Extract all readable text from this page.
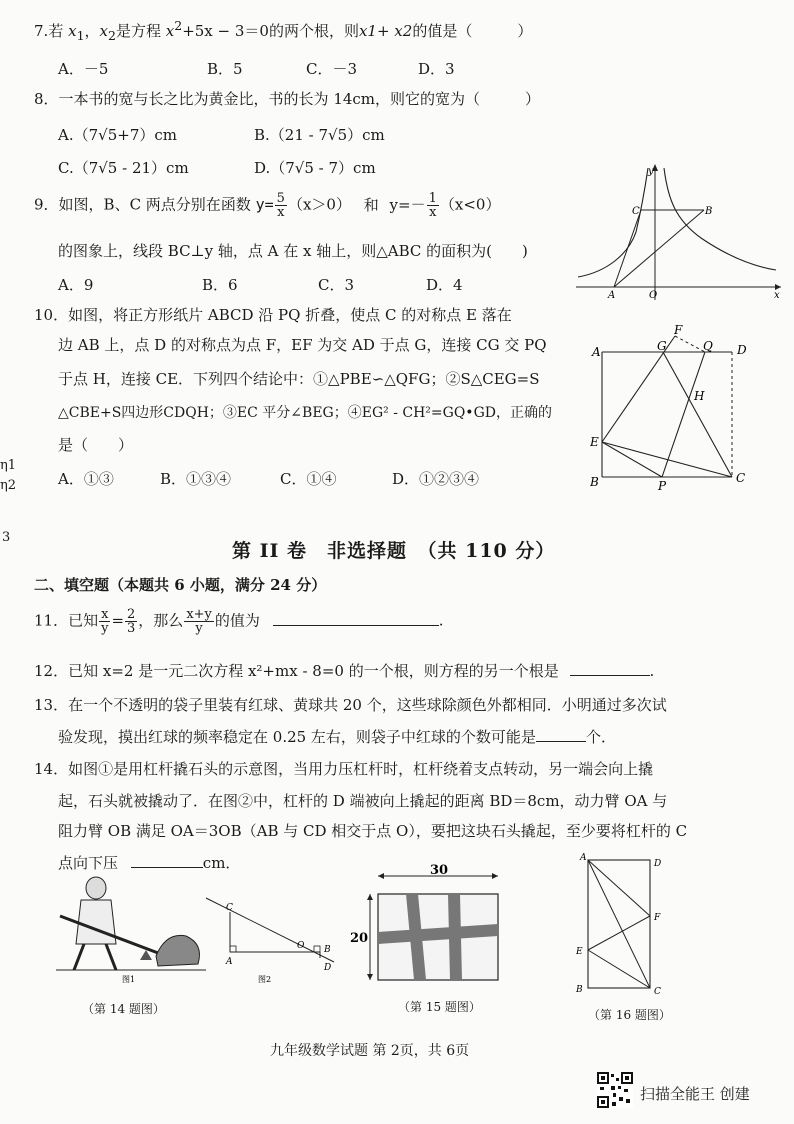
η1
η2
3
7.若 $x_1$，$x_2$是方程 $x^2+5x - 3=0$的两个根，则x1+ x2的值是（　　　）
A．－5	B．5	C．－3	D．3
8．一本书的宽与长之比为黄金比，书的长为 14cm，则它的宽为（　　　）
A.（7√5+7）cm	B.（21 - 7√5）cm
C.（7√5 - 21）cm	D.（7√5 - 7）cm
9．如图，B、C 两点分别在函数 $y= \frac{5}{x} (x>0)$ 和 $y=- \frac{1}{x} (x<0)$
的图象上，线段 BC⊥y 轴，点 A 在 x 轴上，则△ABC 的面积为(　　)
A．9	B．6	C．3	D．4
y
x
C	B
A	O
10．如图，将正方形纸片 ABCD 沿 PQ 折叠，使点 C 的对称点 E 落在
边 AB 上，点 D 的对称点为点 F，EF 为交 AD 于点 G，连接 CG 交 PQ
于点 H，连接 CE．下列四个结论中：①△PBE∽△QFG；②S△CEG=S
△CBE+S四边形CDQH；③EC 平分∠BEG；④EG² - CH²=GQ•GD，正确的
是（　　）
A．①③	B．①③④	C．①④	D．①②③④
A
B	C
D
E
F
G
H
P
Q
第 II 卷　非选择题　（共 110 分）
二、填空题（本题共 6 小题，满分 24 分）
11．已知 $\frac{x}{y} = \frac{2}{3}$ ，那么 $\frac{x+y}{y}$ 的值为	.
12．已知 x=2 是一元二次方程 x²+mx - 8=0 的一个根，则方程的另一个根是	.
13．在一个不透明的袋子里装有红球、黄球共 20 个，这些球除颜色外都相同．小明通过多次试
验发现，摸出红球的频率稳定在 0.25 左右，则袋子中红球的个数可能是	个．
14．如图①是用杠杆撬石头的示意图，当用力压杠杆时，杠杆绕着支点转动，另一端会向上撬
起，石头就被撬动了．在图②中，杠杆的 D 端被向上撬起的距离 BD＝8cm，动力臂 OA 与
阻力臂 OB 满足 OA＝3OB（AB 与 CD 相交于点 O），要把这块石头撬起，至少要将杠杆的 C
点向下压	cm．
图1
C
A
O B
D
图2
（第 14 题图）
30
20
（第 15 题图）
A
D
F
E
B	C
（第 16 题图）
九年级数学试题 第 2页，共 6页
扫描全能王 创建
